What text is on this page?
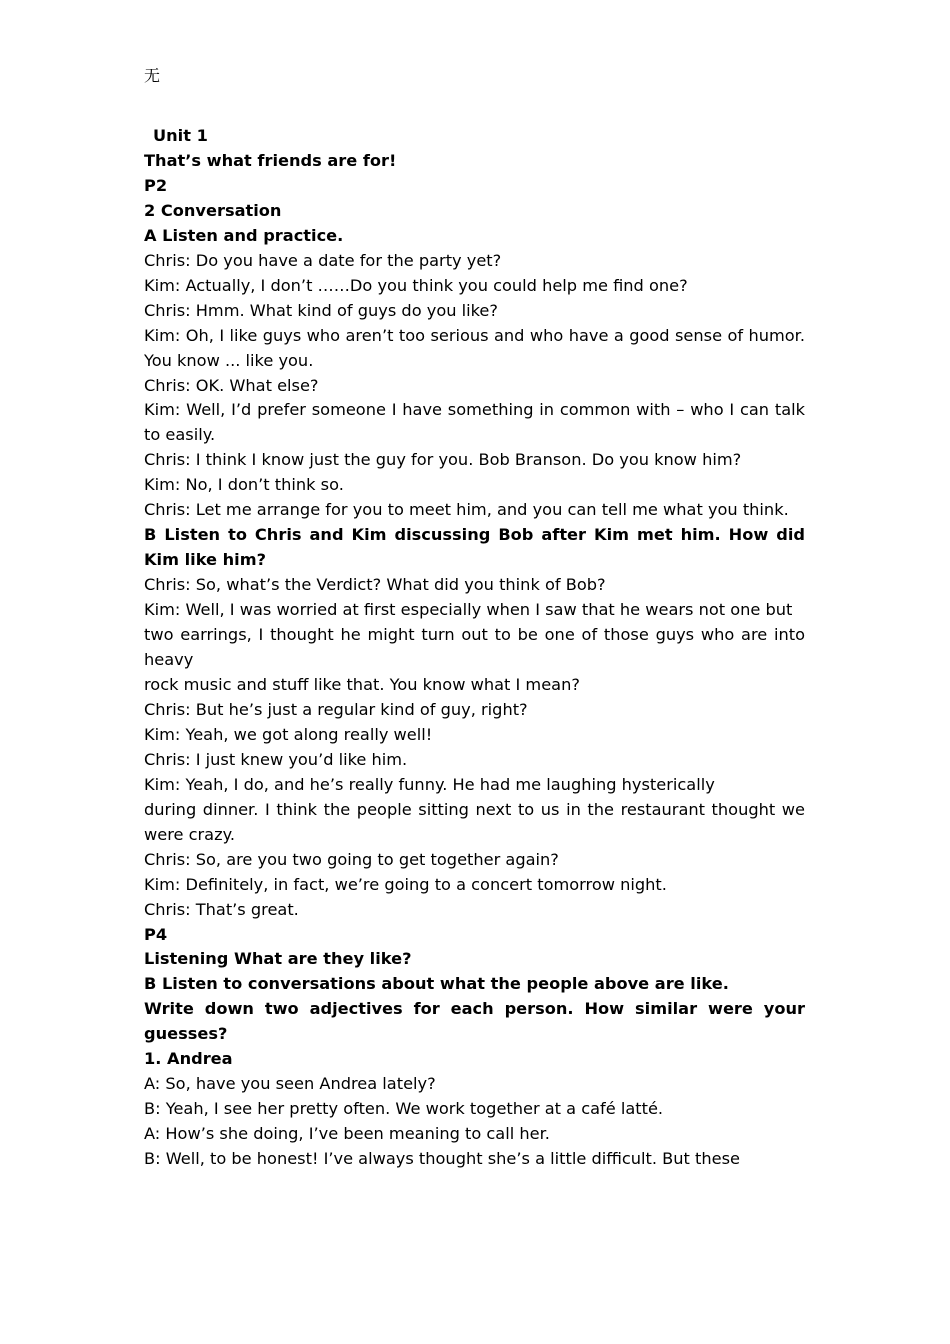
无

Unit 1

That’s what friends are for!

P2

2 Conversation

A Listen and practice.

Chris: Do you have a date for the party yet?

Kim: Actually, I don’t ……Do you think you could help me find one?

Chris: Hmm. What kind of guys do you like?

Kim: Oh, I like guys who aren’t too serious and who have a good sense of humor. You know ... like you.

Chris: OK. What else?

Kim: Well, I’d prefer someone I have something in common with – who I can talk to easily.

Chris: I think I know just the guy for you. Bob Branson. Do you know him?

Kim: No, I don’t think so.

Chris: Let me arrange for you to meet him, and you can tell me what you think.

B Listen to Chris and Kim discussing Bob after Kim met him. How did Kim like him?

Chris: So, what’s the Verdict? What did you think of Bob?

Kim: Well, I was worried at first especially when I saw that he wears not one but

two earrings, I thought he might turn out to be one of those guys who are into heavy

rock music and stuff like that. You know what I mean?

Chris: But he’s just a regular kind of guy, right?

Kim: Yeah, we got along really well!

Chris: I just knew you’d like him.

Kim: Yeah, I do, and he’s really funny. He had me laughing hysterically

during dinner. I think the people sitting next to us in the restaurant thought we were crazy.

Chris: So, are you two going to get together again?

Kim: Definitely, in fact, we’re going to a concert tomorrow night.

Chris: That’s great.

P4

Listening What are they like?

B Listen to conversations about what the people above are like.

Write down two adjectives for each person. How similar were your guesses?

1. Andrea

A: So, have you seen Andrea lately?

B: Yeah, I see her pretty often. We work together at a café latté.

A: How’s she doing, I’ve been meaning to call her.

B: Well, to be honest! I’ve always thought she’s a little difficult. But these
